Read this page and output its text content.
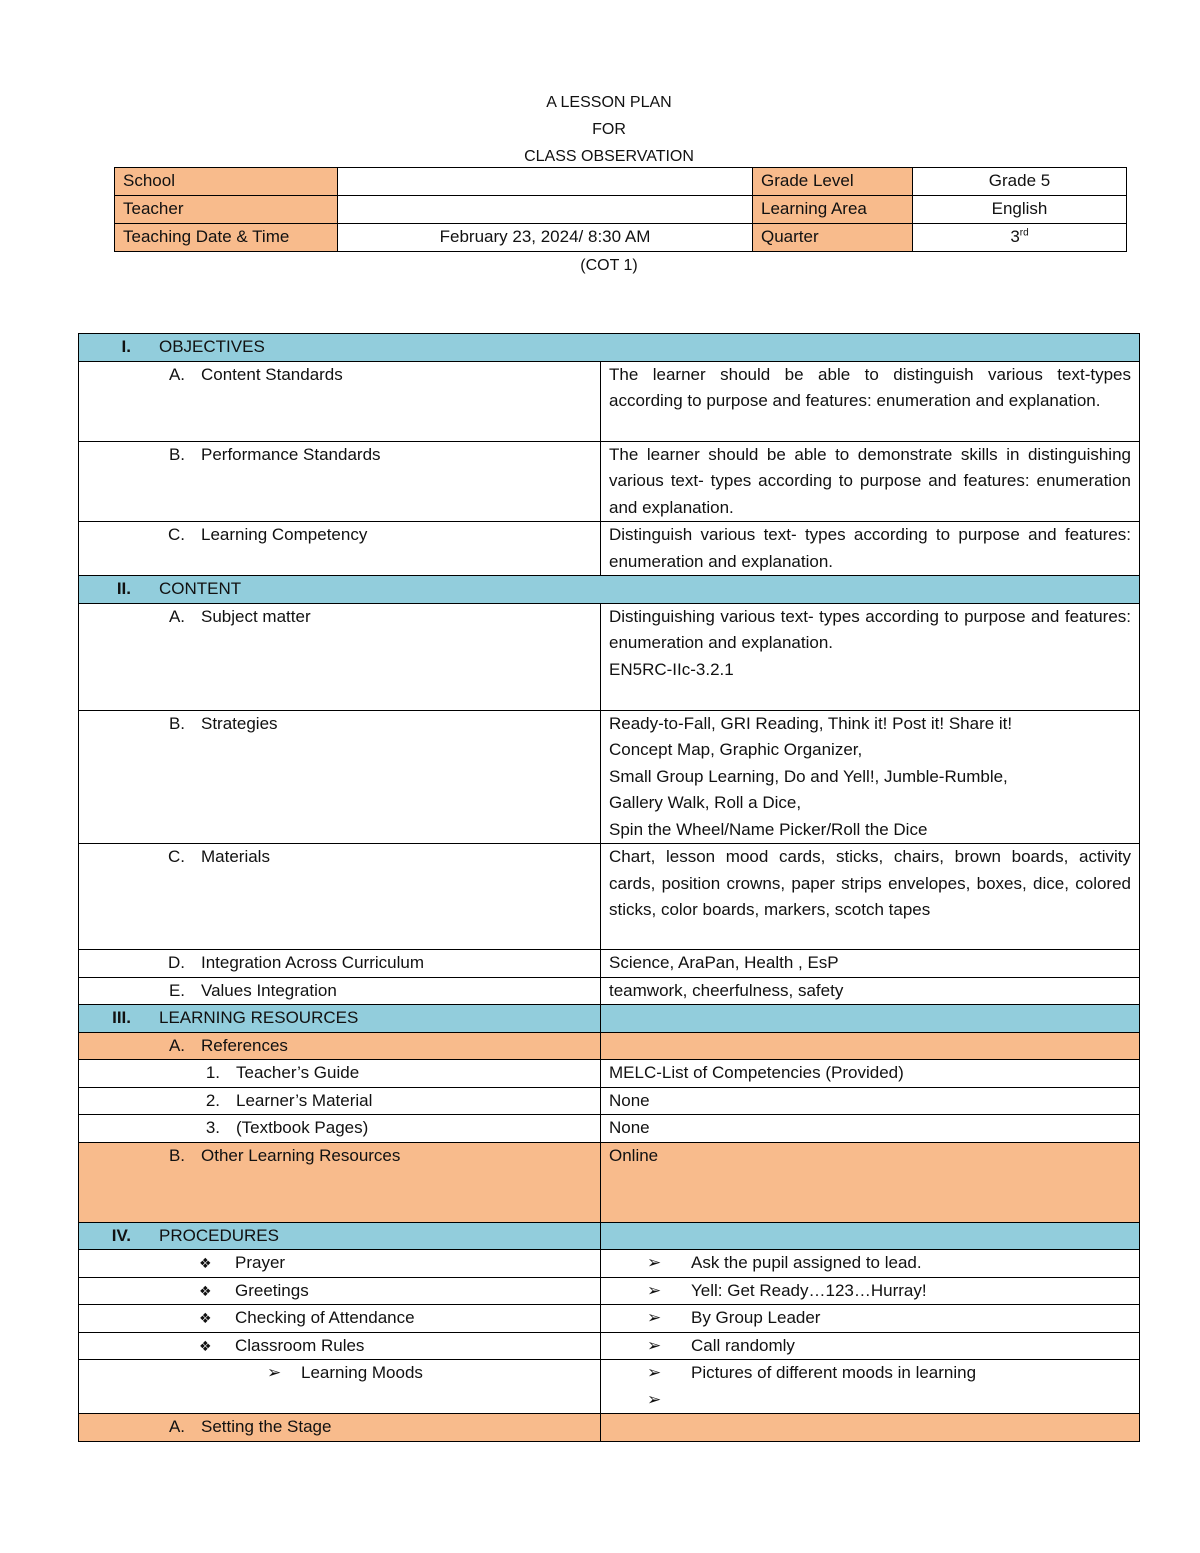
A LESSON PLAN
FOR
CLASS OBSERVATION
School		Grade Level	Grade 5
Teacher		Learning Area	English
Teaching Date & Time	February 23, 2024/ 8:30 AM	Quarter	3rd
(COT 1)
I. OBJECTIVES	
A. Content Standards	The learner should be able to distinguish various text-types according to purpose and features: enumeration and explanation.
B. Performance Standards	The learner should be able to demonstrate skills in distinguishing various text- types according to purpose and features: enumeration and explanation.
C. Learning Competency	Distinguish various text- types according to purpose and features: enumeration and explanation.
II. CONTENT	
A. Subject matter	Distinguishing various text- types according to purpose and features: enumeration and explanation.
EN5RC-IIc-3.2.1

B. Strategies	Ready-to-Fall, GRI Reading, Think it! Post it! Share it!
Concept Map, Graphic Organizer,
Small Group Learning, Do and Yell!, Jumble-Rumble,
Gallery Walk, Roll a Dice,
Spin the Wheel/Name Picker/Roll the Dice

C. Materials	Chart, lesson mood cards, sticks, chairs, brown boards, activity cards, position crowns, paper strips envelopes, boxes, dice, colored sticks, color boards, markers, scotch tapes
D. Integration Across Curriculum	Science, AraPan, Health , EsP
E. Values Integration	teamwork, cheerfulness, safety
III. LEARNING RESOURCES	
A. References	
1. Teacher’s Guide	MELC-List of Competencies (Provided)
2. Learner’s Material	None
3. (Textbook Pages)	None
B. Other Learning Resources	Online
IV. PROCEDURES	
❖ Prayer	➢ Ask the pupil assigned to lead.
❖ Greetings	➢ Yell: Get Ready…123…Hurray!
❖ Checking of Attendance	➢ By Group Leader
❖ Classroom Rules	➢ Call randomly
➢ Learning Moods	➢ Pictures of different moods in learning
➢

A. Setting the Stage	
